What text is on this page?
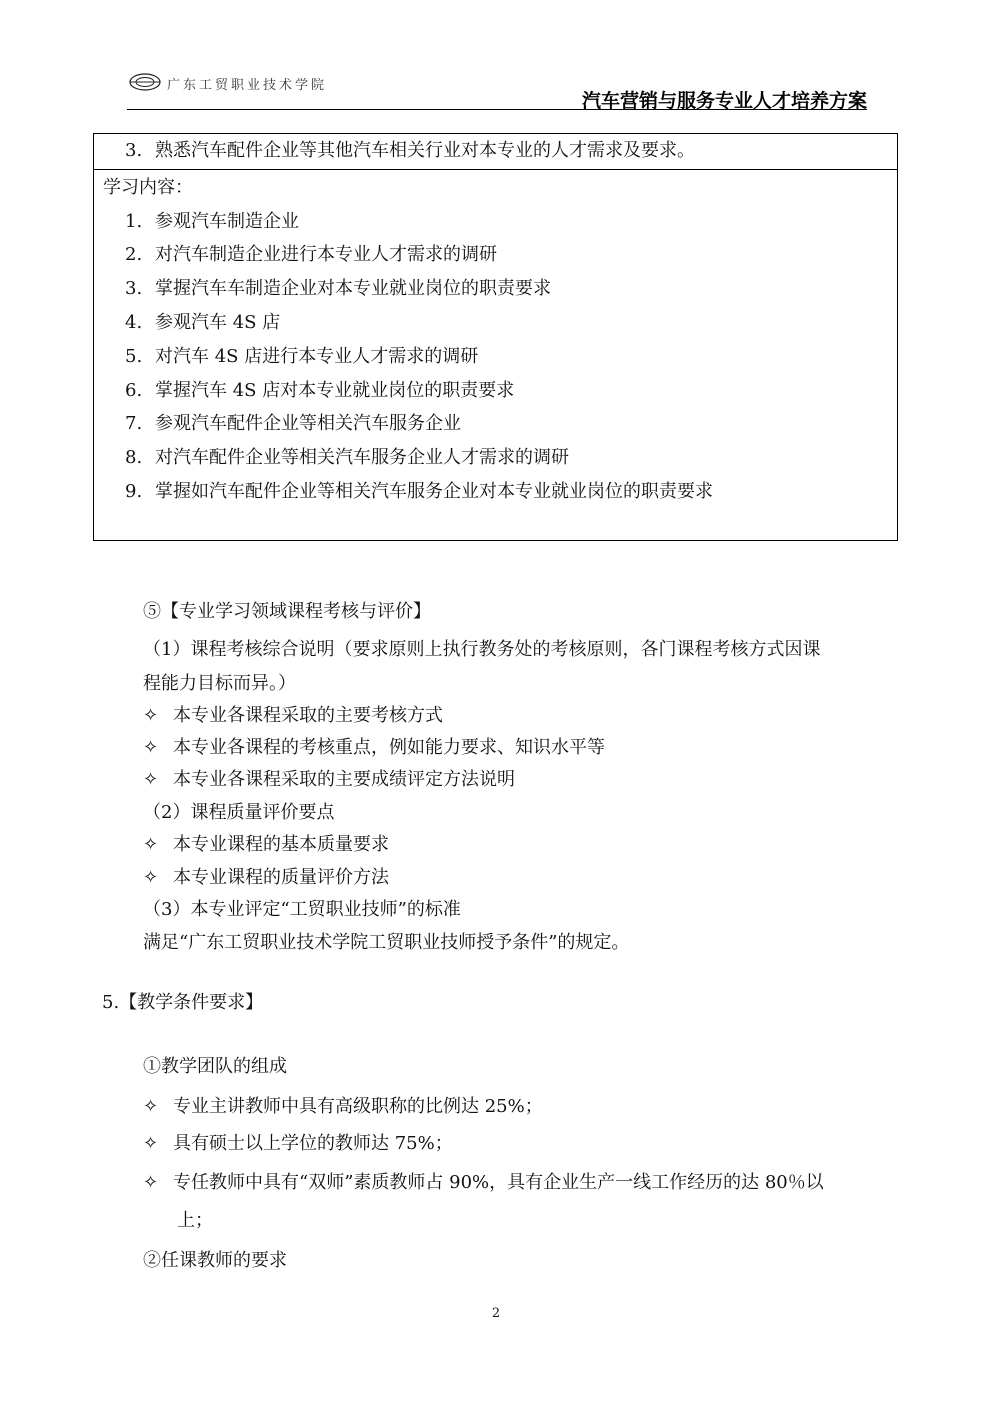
广东工贸职业技术学院
汽车营销与服务专业人才培养方案
3. 熟悉汽车配件企业等其他汽车相关行业对本专业的人才需求及要求。
学习内容：
1. 参观汽车制造企业
2. 对汽车制造企业进行本专业人才需求的调研
3. 掌握汽车车制造企业对本专业就业岗位的职责要求
4. 参观汽车 4S 店
5. 对汽车 4S 店进行本专业人才需求的调研
6. 掌握汽车 4S 店对本专业就业岗位的职责要求
7. 参观汽车配件企业等相关汽车服务企业
8. 对汽车配件企业等相关汽车服务企业人才需求的调研
9. 掌握如汽车配件企业等相关汽车服务企业对本专业就业岗位的职责要求
⑤【专业学习领域课程考核与评价】
（1）课程考核综合说明（要求原则上执行教务处的考核原则，各门课程考核方式因课
程能力目标而异。）
✧ 本专业各课程采取的主要考核方式
✧ 本专业各课程的考核重点，例如能力要求、知识水平等
✧ 本专业各课程采取的主要成绩评定方法说明
（2）课程质量评价要点
✧ 本专业课程的基本质量要求
✧ 本专业课程的质量评价方法
（3）本专业评定“工贸职业技师”的标准
满足“广东工贸职业技术学院工贸职业技师授予条件”的规定。
5.【教学条件要求】
①教学团队的组成
✧ 专业主讲教师中具有高级职称的比例达 25%；
✧ 具有硕士以上学位的教师达 75%；
✧ 专任教师中具有“双师”素质教师占 90%，具有企业生产一线工作经历的达 80％以
上；
②任课教师的要求
2
